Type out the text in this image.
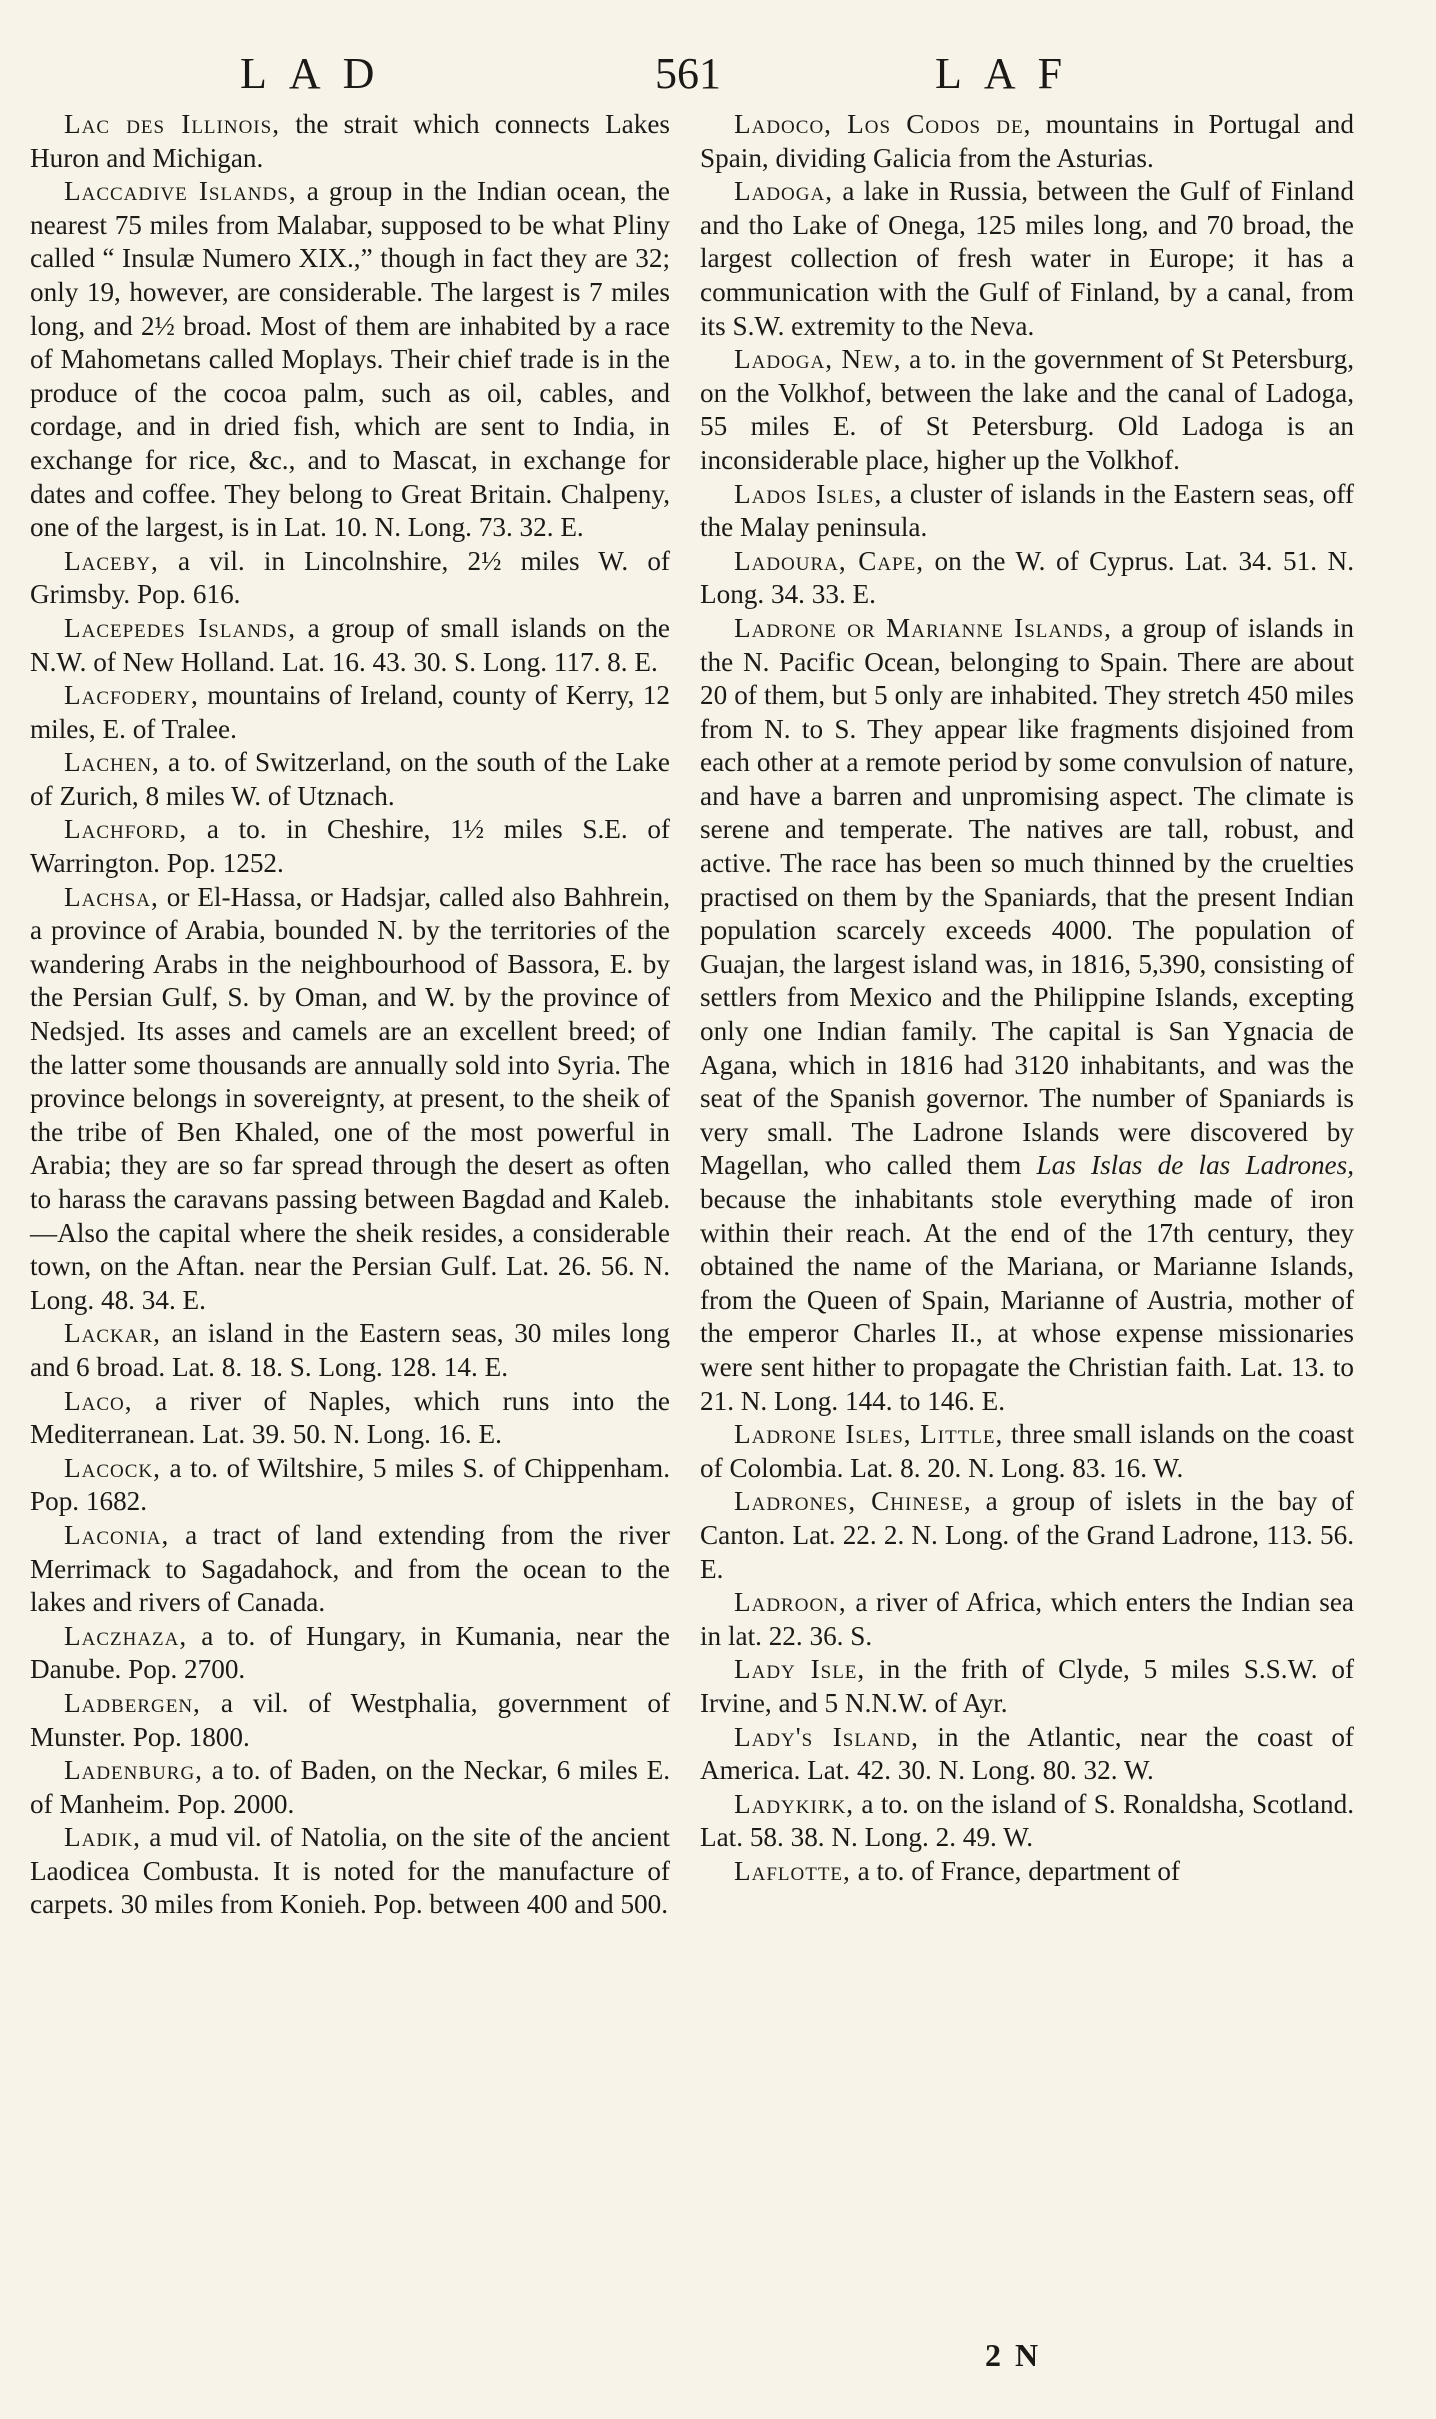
LAD	561	LAF

Lac des Illinois, the strait which connects Lakes Huron and Michigan.

Laccadive Islands, a group in the Indian ocean, the nearest 75 miles from Malabar, supposed to be what Pliny called “ Insulæ Numero XIX.,” though in fact they are 32; only 19, however, are considerable. The largest is 7 miles long, and 2½ broad. Most of them are inhabited by a race of Mahometans called Moplays. Their chief trade is in the produce of the cocoa palm, such as oil, cables, and cordage, and in dried fish, which are sent to India, in exchange for rice, &c., and to Mascat, in exchange for dates and coffee. They belong to Great Britain. Chalpeny, one of the largest, is in Lat. 10. N. Long. 73. 32. E.

Laceby, a vil. in Lincolnshire, 2½ miles W. of Grimsby. Pop. 616.

Lacepedes Islands, a group of small islands on the N.W. of New Holland. Lat. 16. 43. 30. S. Long. 117. 8. E.

Lacfodery, mountains of Ireland, county of Kerry, 12 miles, E. of Tralee.

Lachen, a to. of Switzerland, on the south of the Lake of Zurich, 8 miles W. of Utznach.

Lachford, a to. in Cheshire, 1½ miles S.E. of Warrington. Pop. 1252.

Lachsa, or El-Hassa, or Hadsjar, called also Bahhrein, a province of Arabia, bounded N. by the territories of the wandering Arabs in the neighbourhood of Bassora, E. by the Persian Gulf, S. by Oman, and W. by the province of Nedsjed. Its asses and camels are an excellent breed; of the latter some thousands are annually sold into Syria. The province belongs in sovereignty, at present, to the sheik of the tribe of Ben Khaled, one of the most powerful in Arabia; they are so far spread through the desert as often to harass the caravans passing between Bagdad and Kaleb.—Also the capital where the sheik resides, a considerable town, on the Aftan. near the Persian Gulf. Lat. 26. 56. N. Long. 48. 34. E.

Lackar, an island in the Eastern seas, 30 miles long and 6 broad. Lat. 8. 18. S. Long. 128. 14. E.

Laco, a river of Naples, which runs into the Mediterranean. Lat. 39. 50. N. Long. 16. E.

Lacock, a to. of Wiltshire, 5 miles S. of Chippenham. Pop. 1682.

Laconia, a tract of land extending from the river Merrimack to Sagadahock, and from the ocean to the lakes and rivers of Canada.

Laczhaza, a to. of Hungary, in Kumania, near the Danube. Pop. 2700.

Ladbergen, a vil. of Westphalia, government of Munster. Pop. 1800.

Ladenburg, a to. of Baden, on the Neckar, 6 miles E. of Manheim. Pop. 2000.

Ladik, a mud vil. of Natolia, on the site of the ancient Laodicea Combusta. It is noted for the manufacture of carpets. 30 miles from Konieh. Pop. between 400 and 500.

Ladoco, Los Codos de, mountains in Portugal and Spain, dividing Galicia from the Asturias.

Ladoga, a lake in Russia, between the Gulf of Finland and tho Lake of Onega, 125 miles long, and 70 broad, the largest collection of fresh water in Europe; it has a communication with the Gulf of Finland, by a canal, from its S.W. extremity to the Neva.

Ladoga, New, a to. in the government of St Petersburg, on the Volkhof, between the lake and the canal of Ladoga, 55 miles E. of St Petersburg. Old Ladoga is an inconsiderable place, higher up the Volkhof.

Lados Isles, a cluster of islands in the Eastern seas, off the Malay peninsula.

Ladoura, Cape, on the W. of Cyprus. Lat. 34. 51. N. Long. 34. 33. E.

Ladrone or Marianne Islands, a group of islands in the N. Pacific Ocean, belonging to Spain. There are about 20 of them, but 5 only are inhabited. They stretch 450 miles from N. to S. They appear like fragments disjoined from each other at a remote period by some convulsion of nature, and have a barren and unpromising aspect. The climate is serene and temperate. The natives are tall, robust, and active. The race has been so much thinned by the cruelties practised on them by the Spaniards, that the present Indian population scarcely exceeds 4000. The population of Guajan, the largest island was, in 1816, 5,390, consisting of settlers from Mexico and the Philippine Islands, excepting only one Indian family. The capital is San Ygnacia de Agana, which in 1816 had 3120 inhabitants, and was the seat of the Spanish governor. The number of Spaniards is very small. The Ladrone Islands were discovered by Magellan, who called them Las Islas de las Ladrones, because the inhabitants stole everything made of iron within their reach. At the end of the 17th century, they obtained the name of the Mariana, or Marianne Islands, from the Queen of Spain, Marianne of Austria, mother of the emperor Charles II., at whose expense missionaries were sent hither to propagate the Christian faith. Lat. 13. to 21. N. Long. 144. to 146. E.

Ladrone Isles, Little, three small islands on the coast of Colombia. Lat. 8. 20. N. Long. 83. 16. W.

Ladrones, Chinese, a group of islets in the bay of Canton. Lat. 22. 2. N. Long. of the Grand Ladrone, 113. 56. E.

Ladroon, a river of Africa, which enters the Indian sea in lat. 22. 36. S.

Lady Isle, in the frith of Clyde, 5 miles S.S.W. of Irvine, and 5 N.N.W. of Ayr.

Lady's Island, in the Atlantic, near the coast of America. Lat. 42. 30. N. Long. 80. 32. W.

Ladykirk, a to. on the island of S. Ronaldsha, Scotland. Lat. 58. 38. N. Long. 2. 49. W.

Laflotte, a to. of France, department of

2 N
